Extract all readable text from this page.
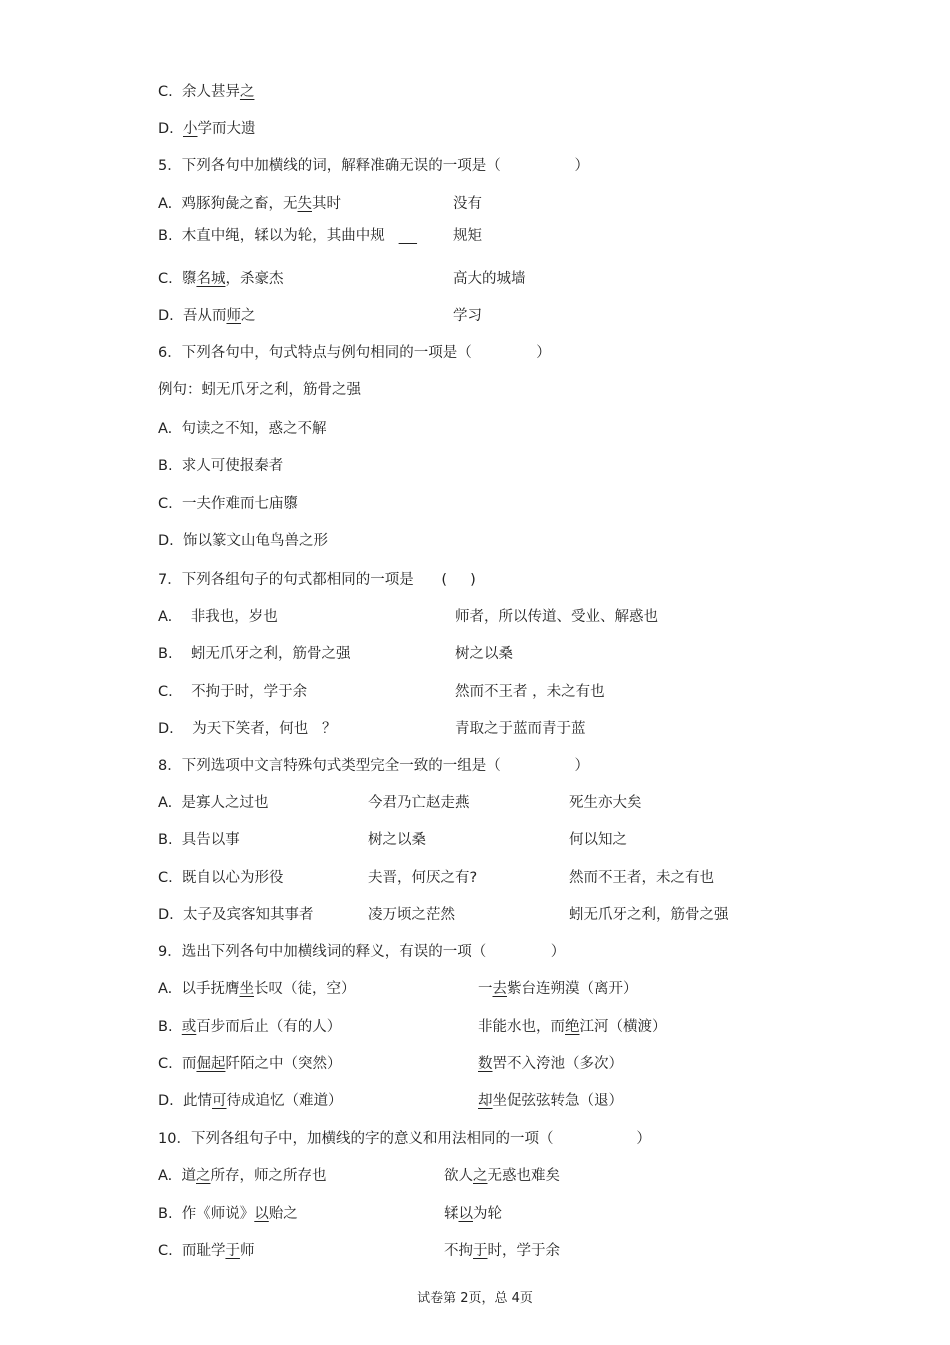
C.  余人甚异之
D.  小学而大遗
5．下列各句中加横线的词，解释准确无误的一项是（                ）
A.  鸡豚狗彘之畜，无失其时	没有
B.  木直中绳，𫐓以为轮，其曲中规	规矩
C.  隳名城，杀豪杰	高大的城墙
D.  吾从而师之	学习
6．下列各句中，句式特点与例句相同的一项是（              ）
例句：蚓无爪牙之利，筋骨之强
A.  句读之不知，惑之不解
B.  求人可使报秦者
C.  一夫作难而七庙隳
D.  饰以篆文山龟鸟兽之形
7．下列各组句子的句式都相同的一项是      (     )
A.    非我也，岁也	师者，所以传道、受业、解惑也
B.    蚓无爪牙之利，筋骨之强	树之以桑
C.    不拘于时，学于余	然而不王者 ，未之有也
D.    为天下笑者，何也   ？	青取之于蓝而青于蓝
8．下列选项中文言特殊句式类型完全一致的一组是（                ）
A.  是寡人之过也	今君乃亡赵走燕	死生亦大矣
B.  具告以事	树之以桑	何以知之
C.  既自以心为形役	夫晋，何厌之有?	然而不王者，未之有也
D.  太子及宾客知其事者	凌万顷之茫然	蚓无爪牙之利，筋骨之强
9．选出下列各句中加横线词的释义，有误的一项（              ）
A.  以手抚膺坐长叹（徒，空）	一去紫台连朔漠（离开）
B.  或百步而后止（有的人）	非能水也，而绝江河（横渡）
C.  而倔起阡陌之中（突然）	数罟不入洿池（多次）
D.  此情可待成追忆（难道）	却坐促弦弦转急（退）
10．下列各组句子中，加横线的字的意义和用法相同的一项（                  ）
A.  道之所存，师之所存也	欲人之无惑也难矣
B.  作《师说》以贻之	𫐓以为轮
C.  而耻学于师	不拘于时，学于余
试卷第 2页，总 4页
